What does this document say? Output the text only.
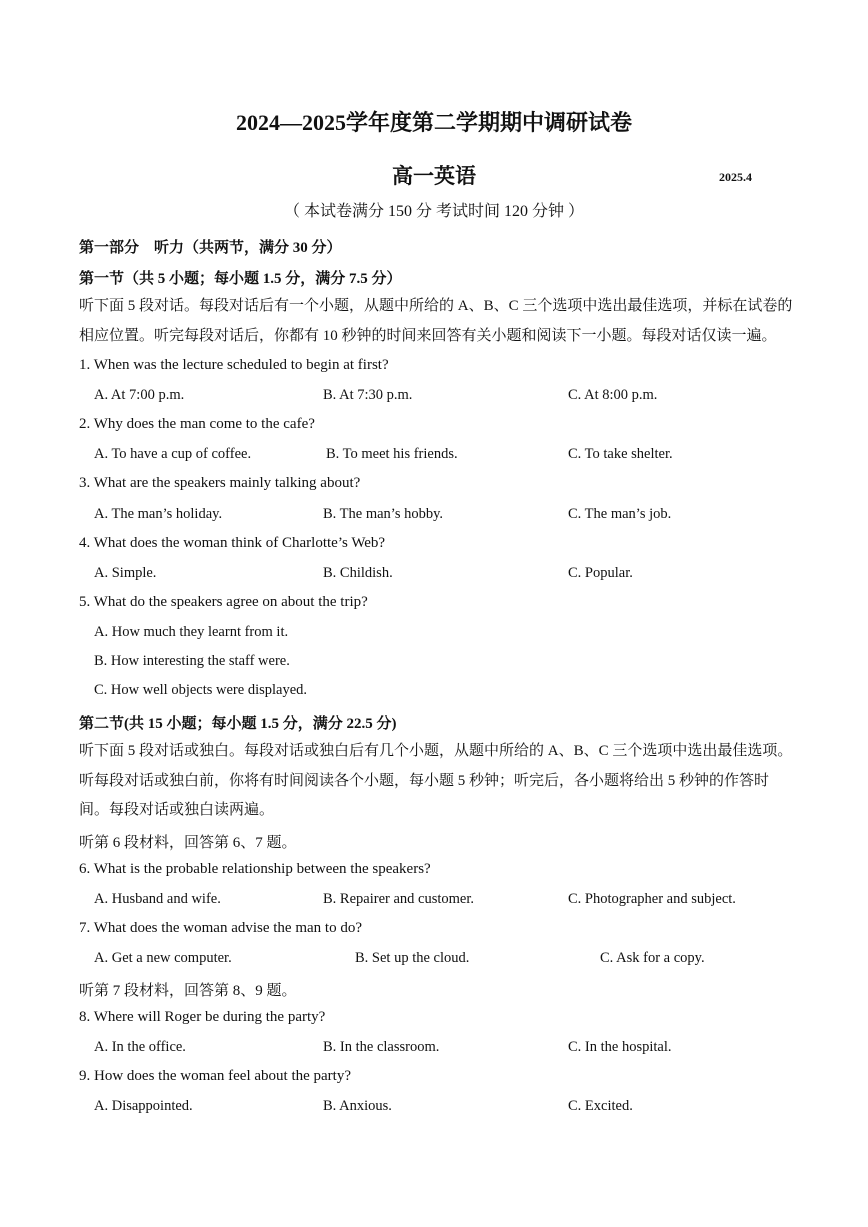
2024—2025学年度第二学期期中调研试卷
高一英语	2025.4
（ 本试卷满分 150 分 考试时间 120 分钟 ）
第一部分　听力（共两节，满分 30 分）
第一节（共 5 小题；每小题 1.5 分，满分 7.5 分）
听下面 5 段对话。每段对话后有一个小题，从题中所给的 A、B、C 三个选项中选出最佳选项，并标在试卷的相应位置。听完每段对话后，你都有 10 秒钟的时间来回答有关小题和阅读下一小题。每段对话仅读一遍。
1. When was the lecture scheduled to begin at first?
A. At 7:00 p.m.	B. At 7:30 p.m.	C. At 8:00 p.m.
2. Why does the man come to the cafe?
A. To have a cup of coffee.	B. To meet his friends.	C. To take shelter.
3. What are the speakers mainly talking about?
A. The man’s holiday.	B. The man’s hobby.	C. The man’s job.
4. What does the woman think of Charlotte’s Web?
A. Simple.	B. Childish.	C. Popular.
5. What do the speakers agree on about the trip?
A. How much they learnt from it.
B. How interesting the staff were.
C. How well objects were displayed.
第二节(共 15 小题；每小题 1.5 分，满分 22.5 分)
听下面 5 段对话或独白。每段对话或独白后有几个小题，从题中所给的 A、B、C 三个选项中选出最佳选项。听每段对话或独白前，你将有时间阅读各个小题，每小题 5 秒钟；听完后，各小题将给出 5 秒钟的作答时间。每段对话或独白读两遍。
听第 6 段材料，回答第 6、7 题。
6. What is the probable relationship between the speakers?
A. Husband and wife.	B. Repairer and customer.	C. Photographer and subject.
7. What does the woman advise the man to do?
A. Get a new computer.	B. Set up the cloud.	C. Ask for a copy.
听第 7 段材料，回答第 8、9 题。
8. Where will Roger be during the party?
A. In the office.	B. In the classroom.	C. In the hospital.
9. How does the woman feel about the party?
A. Disappointed.	B. Anxious.	C. Excited.
